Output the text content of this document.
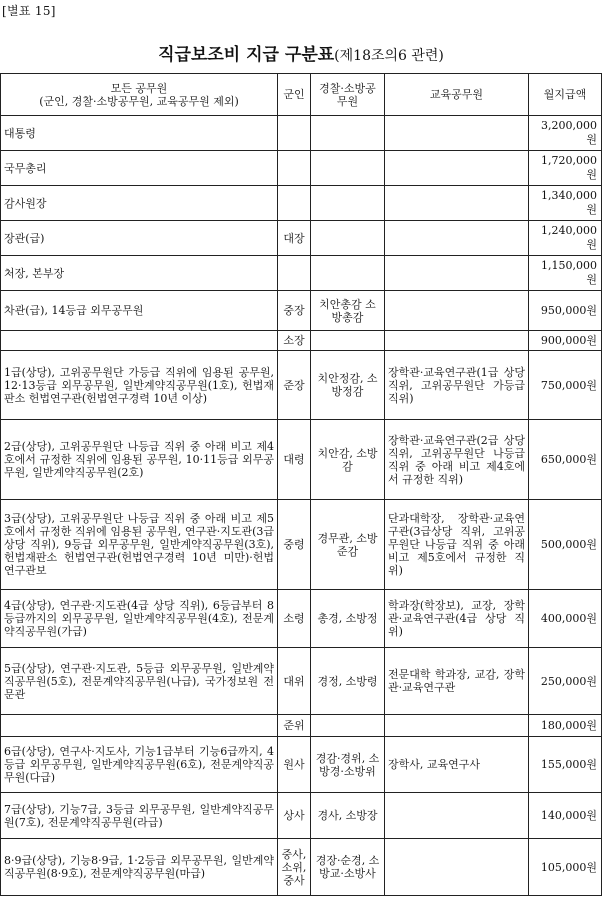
[별표 15]
직급보조비 지급 구분표(제18조의6 관련)
모든 공무원
(군인, 경찰·소방공무원, 교육공무원 제외)	군인	경찰·소방공무원	교육공무원	월지급액
대통령				3,200,000원
국무총리				1,720,000원
감사원장				1,340,000원
장관(급)	대장			1,240,000원
처장, 본부장				1,150,000원
차관(급), 14등급 외무공무원	중장	치안총감 소방총감		950,000원
	소장			900,000원
1급(상당), 고위공무원단 가등급 직위에 임용된 공무원, 12·13등급 외무공무원, 일반계약직공무원(1호), 헌법재판소 헌법연구관(헌법연구경력 10년 이상)	준장	치안정감, 소방정감	장학관·교육연구관(1급 상당 직위, 고위공무원단 가등급 직위)	750,000원
2급(상당), 고위공무원단 나등급 직위 중 아래 비고 제4호에서 규정한 직위에 임용된 공무원, 10·11등급 외무공무원, 일반계약직공무원(2호)	대령	치안감, 소방감	장학관·교육연구관(2급 상당 직위, 고위공무원단 나등급 직위 중 아래 비고 제4호에서 규정한 직위)	650,000원
3급(상당), 고위공무원단 나등급 직위 중 아래 비고 제5호에서 규정한 직위에 임용된 공무원, 연구관·지도관(3급 상당 직위), 9등급 외무공무원, 일반계약직공무원(3호), 헌법재판소 헌법연구관(헌법연구경력 10년 미만)·헌법연구관보	중령	경무관, 소방준감	단과대학장, 장학관·교육연구관(3급상당 직위, 고위공무원단 나등급 직위 중 아래 비고 제5호에서 규정한 직위)	500,000원
4급(상당), 연구관·지도관(4급 상당 직위), 6등급부터 8등급까지의 외무공무원, 일반계약직공무원(4호), 전문계약직공무원(가급)	소령	총경, 소방정	학과장(학장보), 교장, 장학관·교육연구관(4급 상당 직위)	400,000원
5급(상당), 연구관·지도관, 5등급 외무공무원, 일반계약직공무원(5호), 전문계약직공무원(나급), 국가정보원 전문관	대위	경정, 소방령	전문대학 학과장, 교감, 장학관·교육연구관	250,000원
	준위			180,000원
6급(상당), 연구사·지도사, 기능1급부터 기능6급까지, 4등급 외무공무원, 일반계약직공무원(6호), 전문계약직공무원(다급)	원사	경감·경위, 소방경·소방위	장학사, 교육연구사	155,000원
7급(상당), 기능7급, 3등급 외무공무원, 일반계약직공무원(7호), 전문계약직공무원(라급)	상사	경사, 소방장		140,000원
8·9급(상당), 기능8·9급, 1·2등급 외무공무원, 일반계약직공무원(8·9호), 전문계약직공무원(마급)	중사, 소위, 중사	경장·순경, 소방교·소방사		105,000원
